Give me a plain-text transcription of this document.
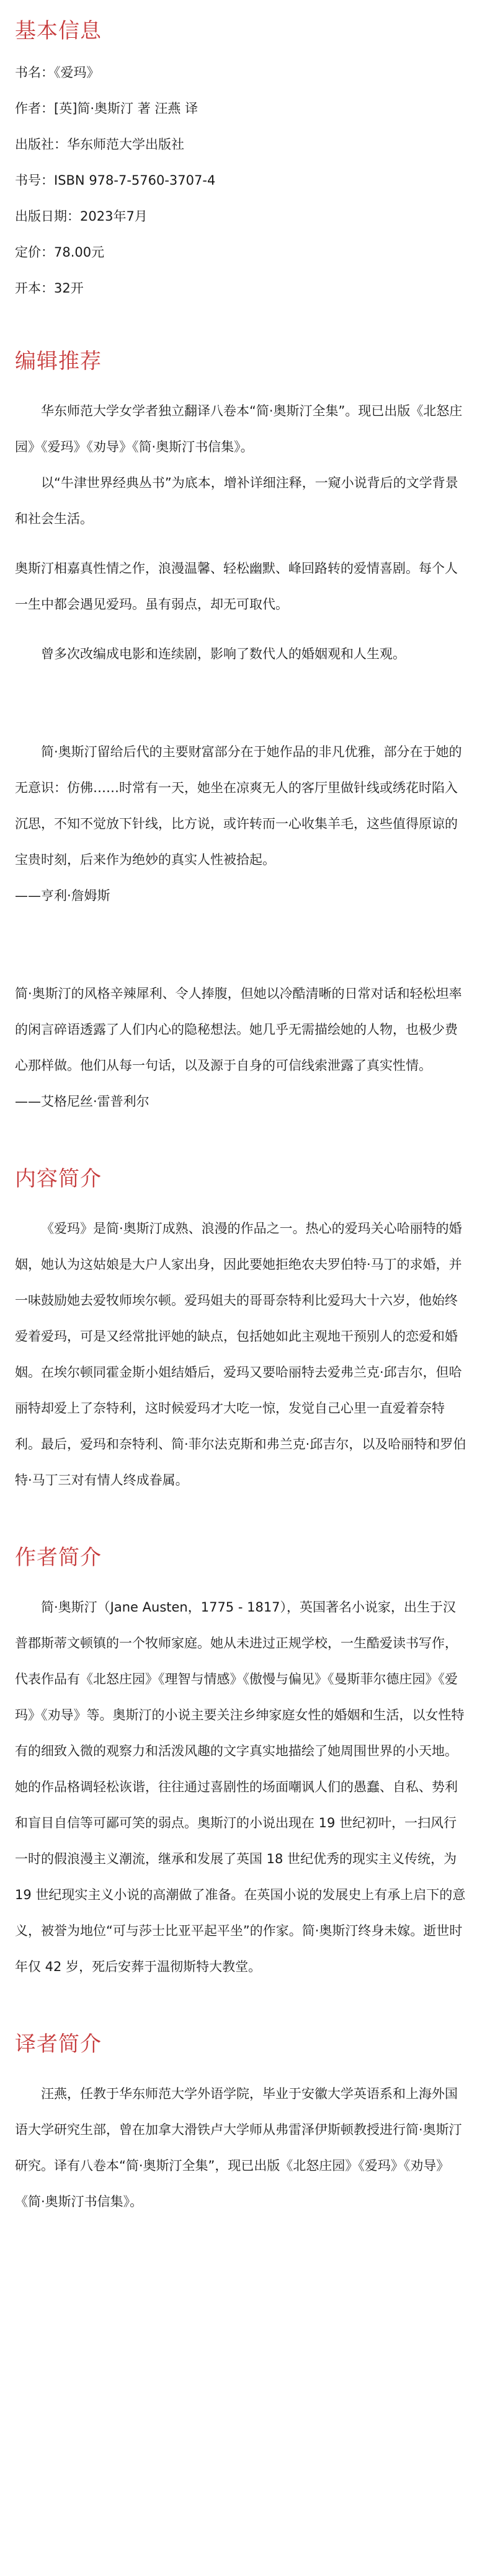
基本信息

书名：《爱玛》

作者：[英]简·奥斯汀 著 汪燕 译

出版社：华东师范大学出版社

书号：ISBN 978-7-5760-3707-4

出版日期：2023年7月

定价：78.00元

开本：32开

编辑推荐

华东师范大学女学者独立翻译八卷本“简·奥斯汀全集”。现已出版《北怒庄园》《爱玛》《劝导》《简·奥斯汀书信集》。

以“牛津世界经典丛书”为底本，增补详细注释，一窥小说背后的文学背景和社会生活。

奥斯汀相嘉真性情之作，浪漫温馨、轻松幽默、峰回路转的爱情喜剧。每个人一生中都会遇见爱玛。虽有弱点，却无可取代。

曾多次改编成电影和连续剧，影响了数代人的婚姻观和人生观。

简·奥斯汀留给后代的主要财富部分在于她作品的非凡优雅，部分在于她的无意识：仿佛……时常有一天，她坐在凉爽无人的客厅里做针线或绣花时陷入沉思，不知不觉放下针线，比方说，或许转而一心收集羊毛，这些值得原谅的宝贵时刻，后来作为绝妙的真实人性被拾起。

——亨利·詹姆斯

简·奥斯汀的风格辛辣犀利、令人捧腹，但她以冷酷清晰的日常对话和轻松坦率的闲言碎语透露了人们内心的隐秘想法。她几乎无需描绘她的人物，也极少费心那样做。他们从每一句话，以及源于自身的可信线索泄露了真实性情。

——艾格尼丝·雷普利尔

内容简介

《爱玛》是简·奥斯汀成熟、浪漫的作品之一。热心的爱玛关心哈丽特的婚姻，她认为这姑娘是大户人家出身，因此要她拒绝农夫罗伯特·马丁的求婚，并一味鼓励她去爱牧师埃尔顿。爱玛姐夫的哥哥奈特利比爱玛大十六岁，他始终爱着爱玛，可是又经常批评她的缺点，包括她如此主观地干预别人的恋爱和婚姻。在埃尔顿同霍金斯小姐结婚后，爱玛又要哈丽特去爱弗兰克·邱吉尔，但哈丽特却爱上了奈特利，这时候爱玛才大吃一惊，发觉自己心里一直爱着奈特利。最后，爱玛和奈特利、简·菲尔法克斯和弗兰克·邱吉尔，以及哈丽特和罗伯特·马丁三对有情人终成眷属。

作者简介

简·奥斯汀（Jane Austen，1775 - 1817），英国著名小说家，出生于汉普郡斯蒂文顿镇的一个牧师家庭。她从未进过正规学校，一生酷爱读书写作，代表作品有《北怒庄园》《理智与情感》《傲慢与偏见》《曼斯菲尔德庄园》《爱玛》《劝导》等。奥斯汀的小说主要关注乡绅家庭女性的婚姻和生活，以女性特有的细致入微的观察力和活泼风趣的文字真实地描绘了她周围世界的小天地。她的作品格调轻松诙谐，往往通过喜剧性的场面嘲讽人们的愚蠢、自私、势利和盲目自信等可鄙可笑的弱点。奥斯汀的小说出现在 19 世纪初叶，一扫风行一时的假浪漫主义潮流，继承和发展了英国 18 世纪优秀的现实主义传统，为 19 世纪现实主义小说的高潮做了准备。在英国小说的发展史上有承上启下的意义，被誉为地位“可与莎士比亚平起平坐”的作家。简·奥斯汀终身未嫁。逝世时年仅 42 岁，死后安葬于温彻斯特大教堂。

译者简介

汪燕，任教于华东师范大学外语学院，毕业于安徽大学英语系和上海外国语大学研究生部，曾在加拿大滑铁卢大学师从弗雷泽伊斯顿教授进行简·奥斯汀研究。译有八卷本“简·奥斯汀全集”，现已出版《北怒庄园》《爱玛》《劝导》《简·奥斯汀书信集》。
